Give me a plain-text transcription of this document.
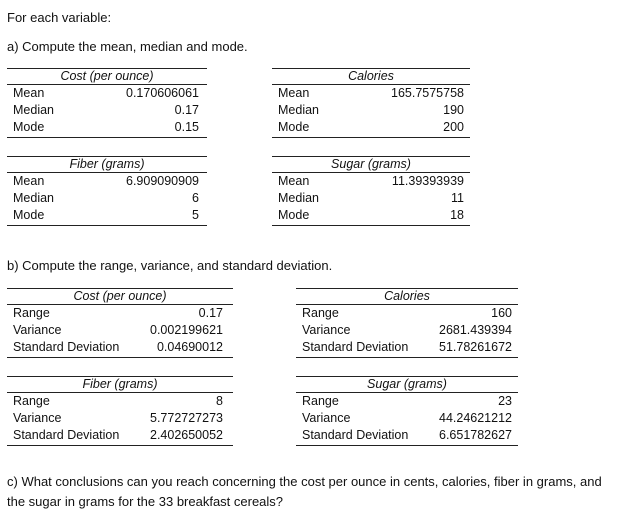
For each variable:
a) Compute the mean, median and mode.
Cost (per ounce)
Mean	0.170606061
Median	0.17
Mode	0.15
Calories
Mean	165.7575758
Median	190
Mode	200
Fiber (grams)
Mean	6.909090909
Median	6
Mode	5
Sugar (grams)
Mean	11.39393939
Median	11
Mode	18
b) Compute the range, variance, and standard deviation.
Cost (per ounce)
Range	0.17
Variance	0.002199621
Standard Deviation	0.04690012
Calories
Range	160
Variance	2681.439394
Standard Deviation 51.78261672
Fiber (grams)
Range	8
Variance	5.772727273
Standard Deviation 2.402650052
Sugar (grams)
Range	23
Variance	44.24621212
Standard Deviation 6.651782627
c) What conclusions can you reach concerning the cost per ounce in cents, calories, fiber in grams, and
the sugar in grams for the 33 breakfast cereals?
